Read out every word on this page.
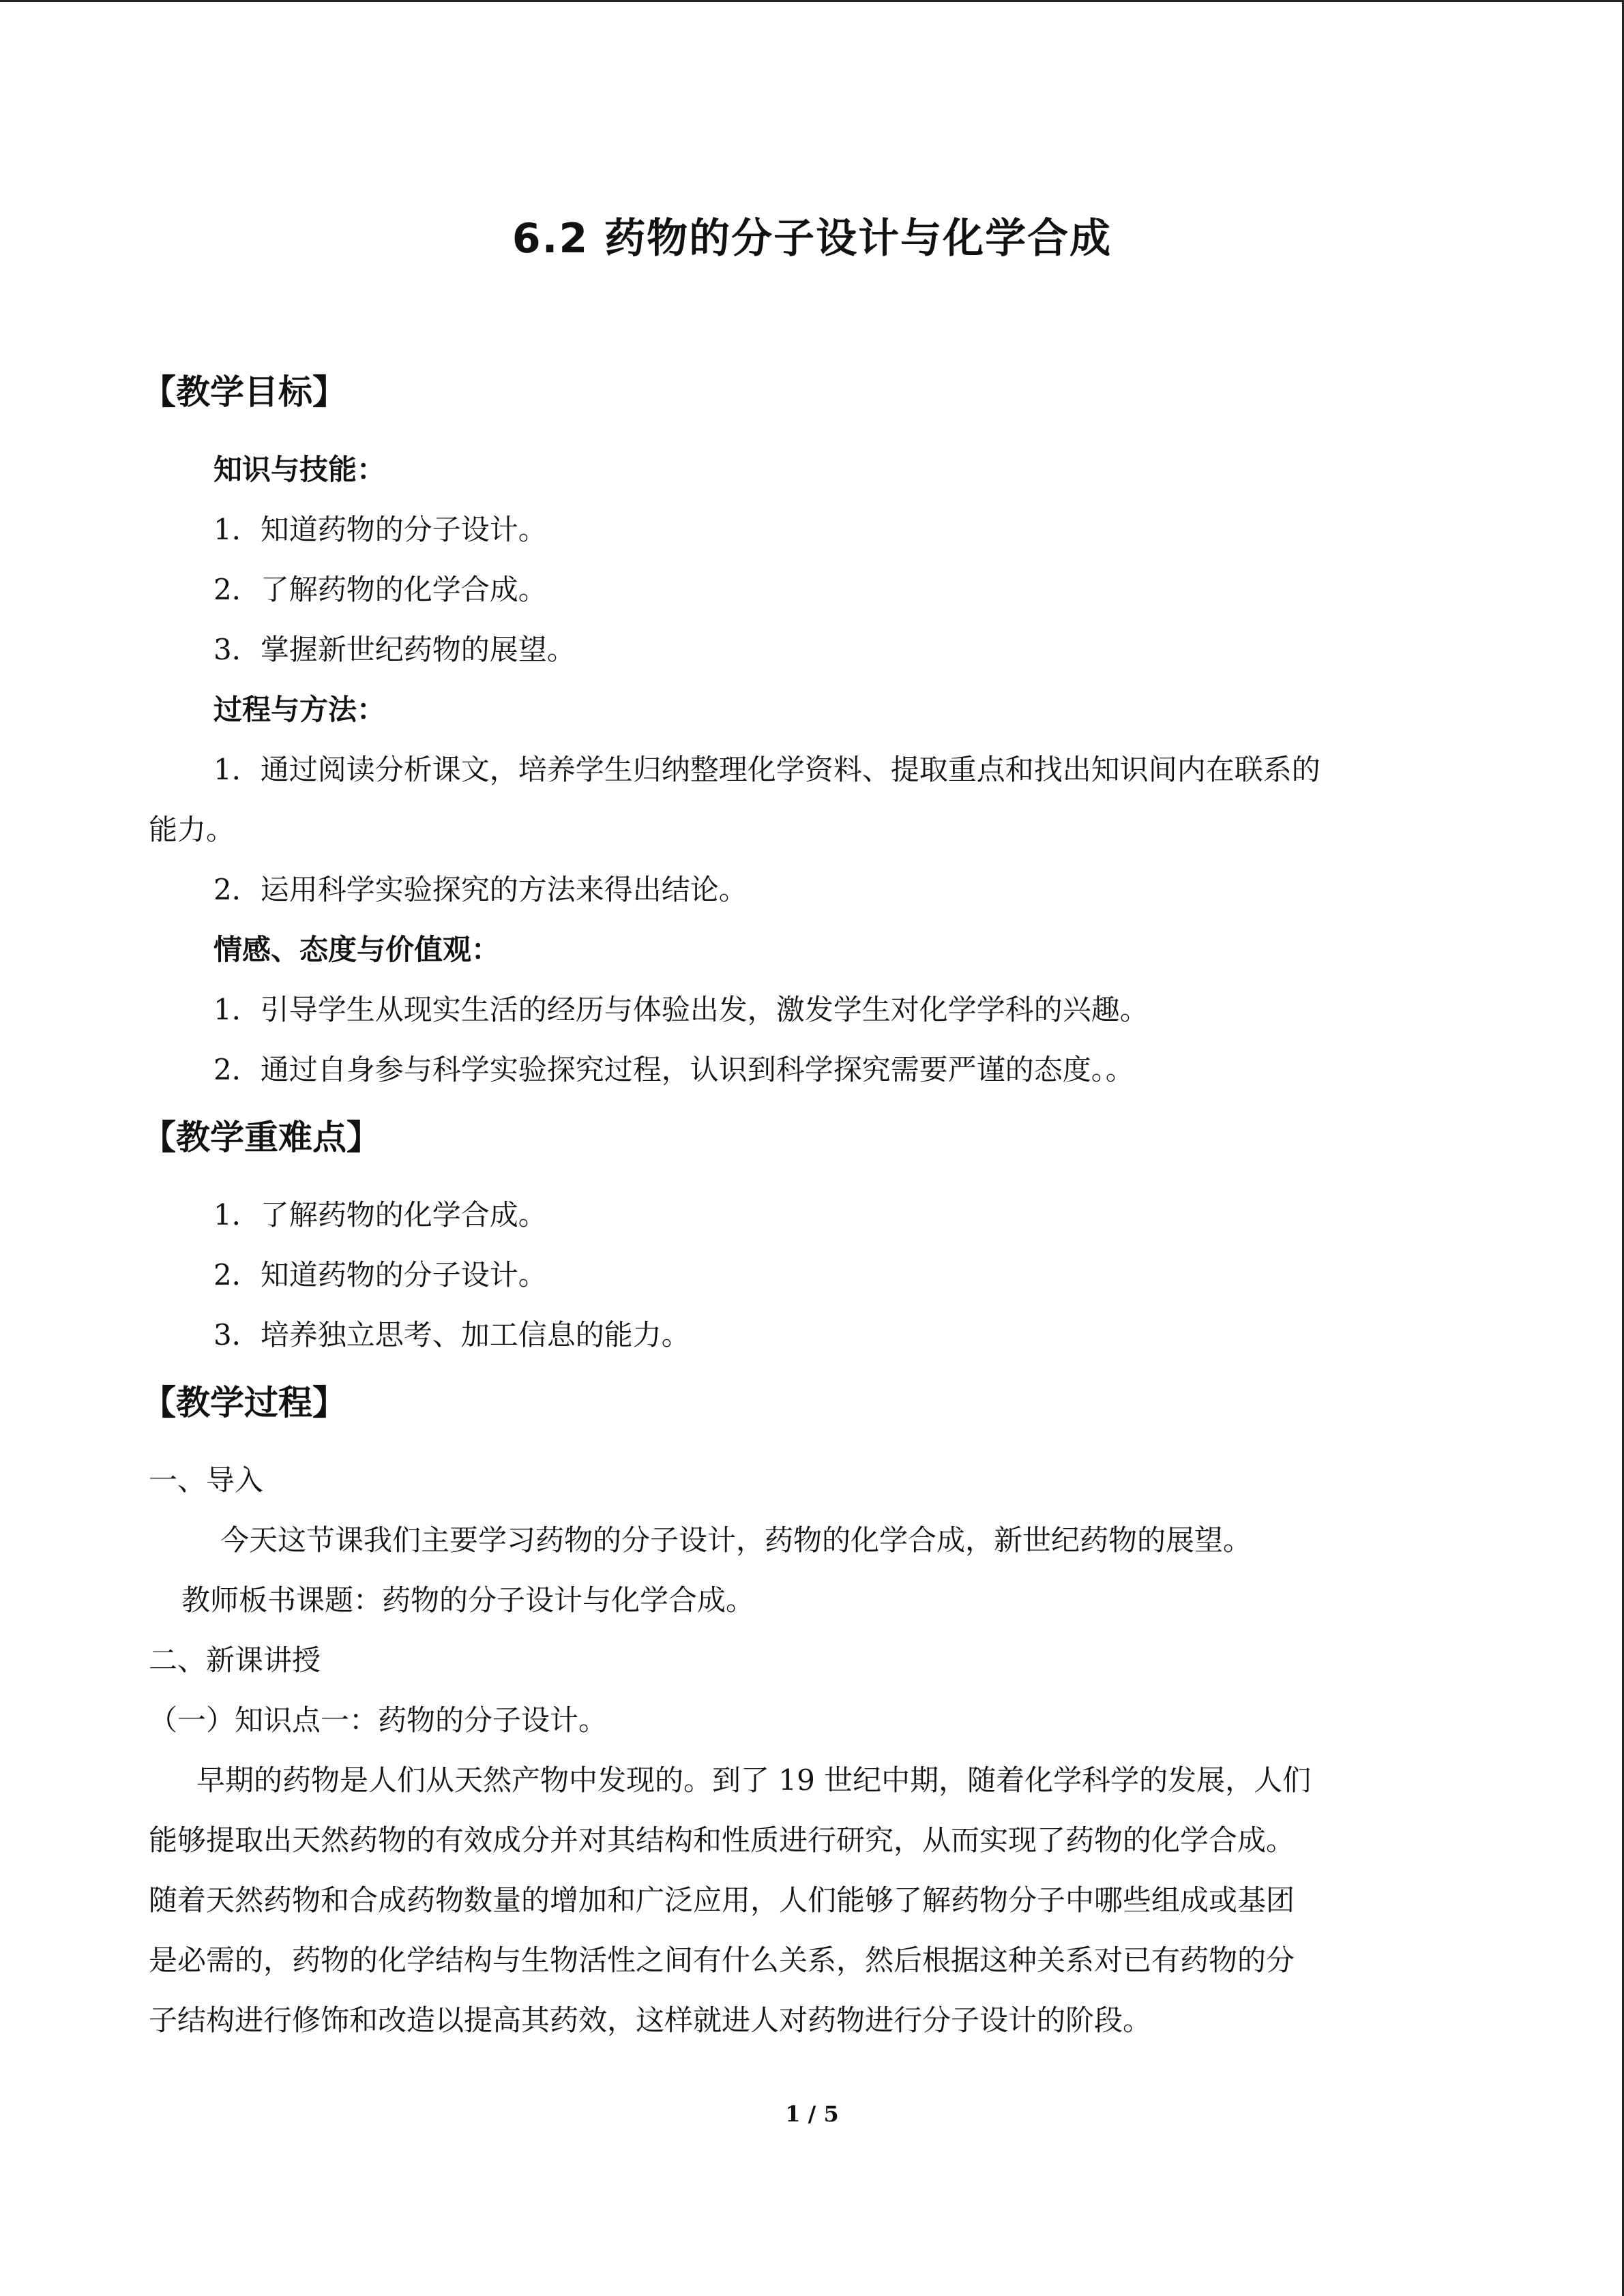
6.2 药物的分子设计与化学合成
【教学目标】
知识与技能：
1．知道药物的分子设计。
2．了解药物的化学合成。
3．掌握新世纪药物的展望。
过程与方法：
1．通过阅读分析课文，培养学生归纳整理化学资料、提取重点和找出知识间内在联系的
能力。
2．运用科学实验探究的方法来得出结论。
情感、态度与价值观：
1．引导学生从现实生活的经历与体验出发，激发学生对化学学科的兴趣。
2．通过自身参与科学实验探究过程，认识到科学探究需要严谨的态度。。
【教学重难点】
1．了解药物的化学合成。
2．知道药物的分子设计。
3．培养独立思考、加工信息的能力。
【教学过程】
一、导入
今天这节课我们主要学习药物的分子设计，药物的化学合成，新世纪药物的展望。
教师板书课题：药物的分子设计与化学合成。
二、新课讲授
（一）知识点一：药物的分子设计。
早期的药物是人们从天然产物中发现的。到了 19 世纪中期，随着化学科学的发展，人们
能够提取出天然药物的有效成分并对其结构和性质进行研究，从而实现了药物的化学合成。
随着天然药物和合成药物数量的增加和广泛应用，人们能够了解药物分子中哪些组成或基团
是必需的，药物的化学结构与生物活性之间有什么关系，然后根据这种关系对已有药物的分
子结构进行修饰和改造以提高其药效，这样就进人对药物进行分子设计的阶段。
1 / 5
